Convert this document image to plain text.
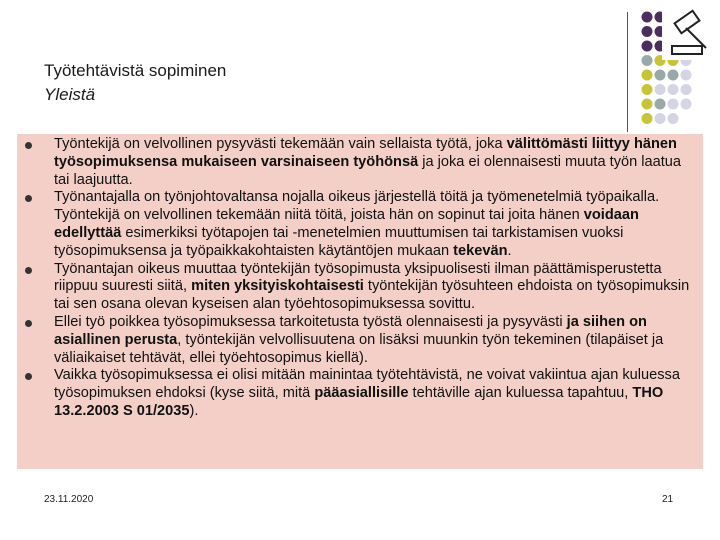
Työtehtävistä sopiminen
Yleistä
Työntekijä on velvollinen pysyvästi tekemään vain sellaista työtä, joka välittömästi liittyy hänen työsopimuksensa mukaiseen varsinaiseen työhönsä ja joka ei olennaisesti muuta työn laatua tai laajuutta.
Työnantajalla on työnjohtovaltansa nojalla oikeus järjestellä töitä ja työmenetelmiä työpaikalla. Työntekijä on velvollinen tekemään niitä töitä, joista hän on sopinut tai joita hänen voidaan edellyttää esimerkiksi työtapojen tai -menetelmien muuttumisen tai tarkistamisen vuoksi työsopimuksensa ja työpaikkakohtaisten käytäntöjen mukaan tekevän.
Työnantajan oikeus muuttaa työntekijän työsopimusta yksipuolisesti ilman päättämisperustetta riippuu suuresti siitä, miten yksityiskohtaisesti työntekijän työsuhteen ehdoista on työsopimuksin tai sen osana olevan kyseisen alan työehtosopimuksessa sovittu.
Ellei työ poikkea työsopimuksessa tarkoitetusta työstä olennaisesti ja pysyvästi ja siihen on asiallinen perusta, työntekijän velvollisuutena on lisäksi muunkin työn tekeminen (tilapäiset ja väliaikaiset tehtävät, ellei työehtosopimus kiellä).
Vaikka työsopimuksessa ei olisi mitään mainintaa työtehtävistä, ne voivat vakiintua ajan kuluessa työsopimuksen ehdoksi (kyse siitä, mitä pääasiallisille tehtäville ajan kuluessa tapahtuu, THO 13.2.2003 S 01/2035).
23.11.2020	21
